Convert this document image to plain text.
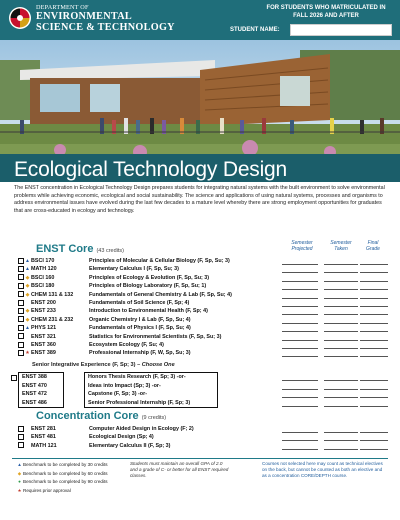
DEPARTMENT OF
ENVIRONMENTAL
SCIENCE & TECHNOLOGY
FOR STUDENTS WHO MATRICULATED IN
FALL 2026 AND AFTER
STUDENT NAME:
Ecological Technology Design
The ENST concentration in Ecological Technology Design prepares students for integrating natural systems with the built environment to solve environmental problems while achieving economic, ecological and social sustainability. The science and applications of using natural systems, processes and organisms to address environmental issues have evolved during the last few decades to a mature level whereby there are strong employment opportunities for graduates that are cross-educated in ecology and technology.
ENST Core (43 credits)
Semester Projected
Semester Taken
Final Grade
▲ BSCI 170	Principles of Molecular & Cellular Biology (F, Sp, Su; 3)
▲ MATH 120	Elementary Calculus I (F, Sp, Su; 3)
◆ BSCI 160	Principles of Ecology & Evolution (F, Sp, Su; 3)
◆ BSCI 180	Principles of Biology Laboratory (F, Sp, Su; 1)
◆ CHEM 131 & 132	Fundamentals of General Chemistry & Lab (F, Sp, Su; 4)
ENST 200	Fundamentals of Soil Science (F, Sp; 4)
◆ ENST 233	Introduction to Environmental Health (F, Sp; 4)
◆ CHEM 231 & 232	Organic Chemistry I & Lab (F, Sp, Su; 4)
▲ PHYS 121	Fundamentals of Physics I (F, Sp, Su; 4)
ENST 321	Statistics for Environmental Scientists (F, Sp, Su; 3)
ENST 360	Ecosystem Ecology (F, Su; 4)
★ ENST 389	Professional Internship (F, W, Sp, Su; 3)
Senior Integrative Experience (F, Sp; 3) – Choose One
ENST 388	Honors Thesis Research (F, Sp; 3) -or-
ENST 470	Ideas into Impact (Sp; 3) -or-
ENST 472	Capstone (F, Sp; 3) -or-
ENST 486	Senior Professional Internship (F, Sp; 3)
Concentration Core (9 credits)
ENST 281	Computer Aided Design in Ecology (F; 2)
ENST 481	Ecological Design (Sp; 4)
MATH 121	Elementary Calculus II (F, Sp; 3)
▲Benchmark to be completed by 30 credits
◆ Benchmark to be completed by 60 credits
● Benchmark to be completed by 90 credits
★Requires prior approval
Students must maintain an overall GPA of 2.0 and a grade of C- or better for all ENST required classes.
Courses not selected here may count as technical electives on the back, but cannot be counted as both an elective and as a concentration CORE/DEPTH course.
